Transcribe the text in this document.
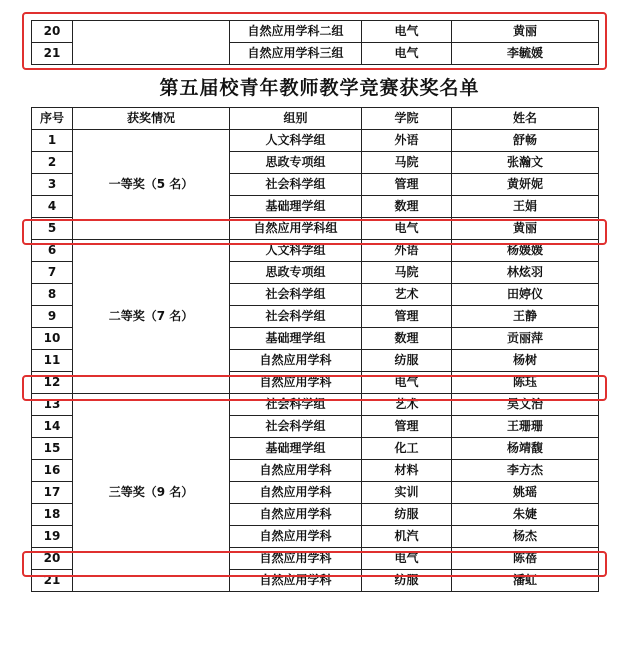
20		自然应用学科二组	电气	黄丽
21		自然应用学科三组	电气	李毓媛
第五届校青年教师教学竞赛获奖名单
序号	获奖情况	组别	学院	姓名
1	一等奖（5 名）	人文科学组	外语	舒畅
2		思政专项组	马院	张瀚文
3		社会科学组	管理	黄妍妮
4		基础理学组	数理	王娟
5		自然应用学科组	电气	黄丽
6	二等奖（7 名）	人文科学组	外语	杨媛媛
7		思政专项组	马院	林炫羽
8		社会科学组	艺术	田婷仪
9		社会科学组	管理	王静
10		基础理学组	数理	贡丽萍
11		自然应用学科	纺服	杨树
12		自然应用学科	电气	陈珏
13	三等奖（9 名）	社会科学组	艺术	吴文治
14		社会科学组	管理	王珊珊
15		基础理学组	化工	杨靖馥
16		自然应用学科	材料	李方杰
17		自然应用学科	实训	姚瑶
18		自然应用学科	纺服	朱婕
19		自然应用学科	机汽	杨杰
20		自然应用学科	电气	陈蓓
21		自然应用学科	纺服	潘虹
